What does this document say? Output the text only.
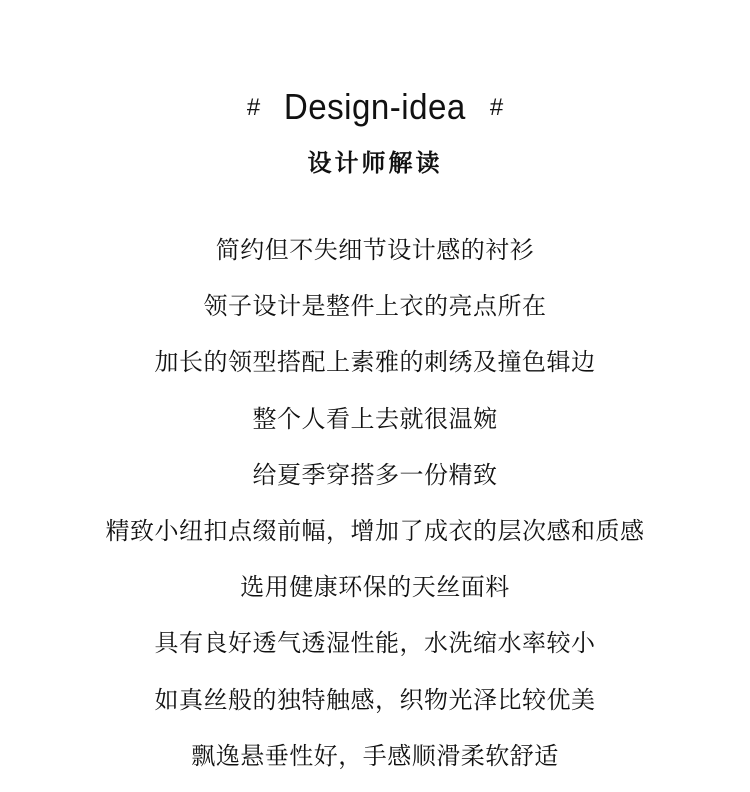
# Design-idea #
设计师解读
简约但不失细节设计感的衬衫
领子设计是整件上衣的亮点所在
加长的领型搭配上素雅的刺绣及撞色辑边
整个人看上去就很温婉
给夏季穿搭多一份精致
精致小纽扣点缀前幅，增加了成衣的层次感和质感
选用健康环保的天丝面料
具有良好透气透湿性能，水洗缩水率较小
如真丝般的独特触感，织物光泽比较优美
飘逸悬垂性好，手感顺滑柔软舒适
